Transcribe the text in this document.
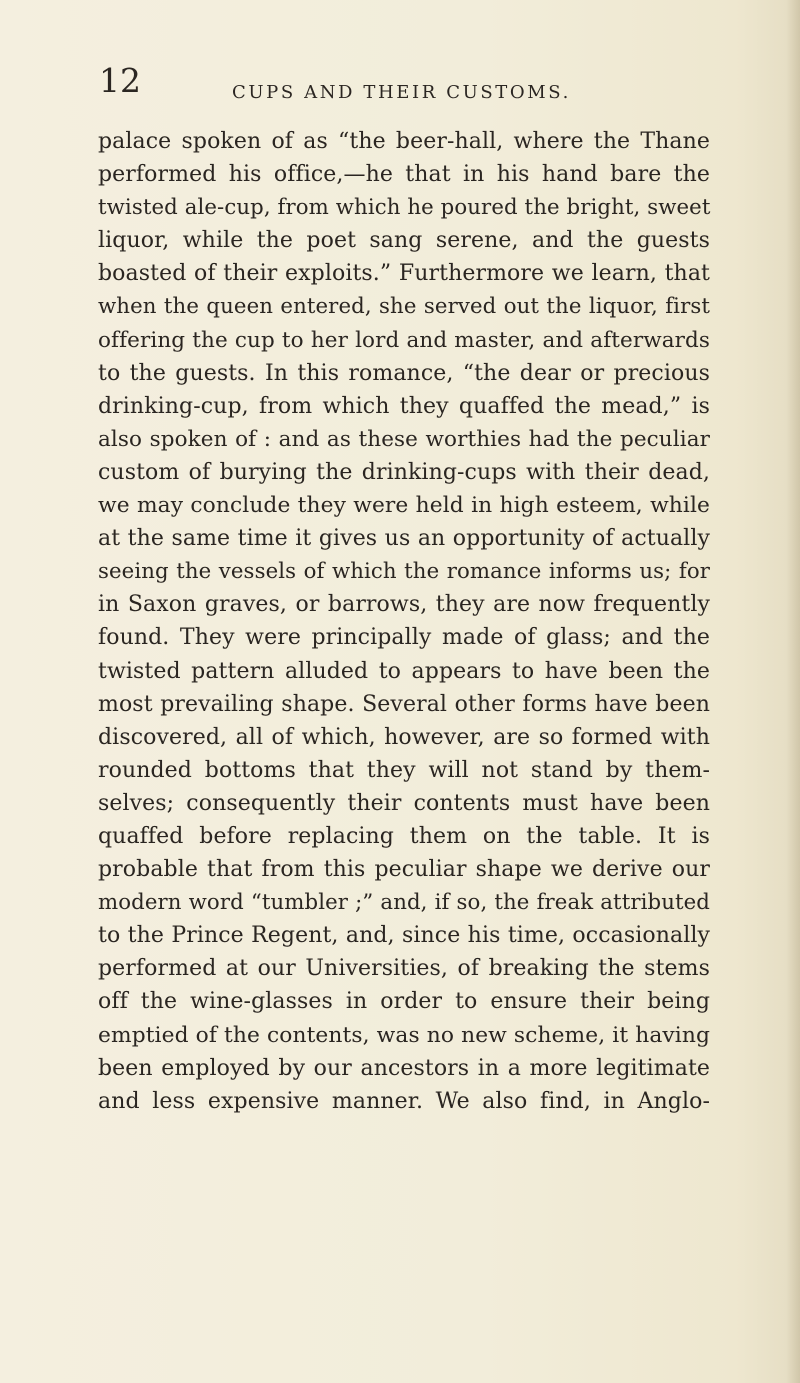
12	CUPS AND THEIR CUSTOMS.
palace spoken of as “the beer-hall, where the Thane
performed his office,—he that in his hand bare the
twisted ale-cup, from which he poured the bright, sweet
liquor, while the poet sang serene, and the guests
boasted of their exploits.” Furthermore we learn, that
when the queen entered, she served out the liquor, first
offering the cup to her lord and master, and afterwards
to the guests. In this romance, “the dear or precious
drinking-cup, from which they quaffed the mead,” is
also spoken of : and as these worthies had the peculiar
custom of burying the drinking-cups with their dead,
we may conclude they were held in high esteem, while
at the same time it gives us an opportunity of actually
seeing the vessels of which the romance informs us; for
in Saxon graves, or barrows, they are now frequently
found. They were principally made of glass; and the
twisted pattern alluded to appears to have been the
most prevailing shape. Several other forms have been
discovered, all of which, however, are so formed with
rounded bottoms that they will not stand by them-
selves; consequently their contents must have been
quaffed before replacing them on the table. It is
probable that from this peculiar shape we derive our
modern word “tumbler ;” and, if so, the freak attributed
to the Prince Regent, and, since his time, occasionally
performed at our Universities, of breaking the stems
off the wine-glasses in order to ensure their being
emptied of the contents, was no new scheme, it having
been employed by our ancestors in a more legitimate
and less expensive manner. We also find, in Anglo-
